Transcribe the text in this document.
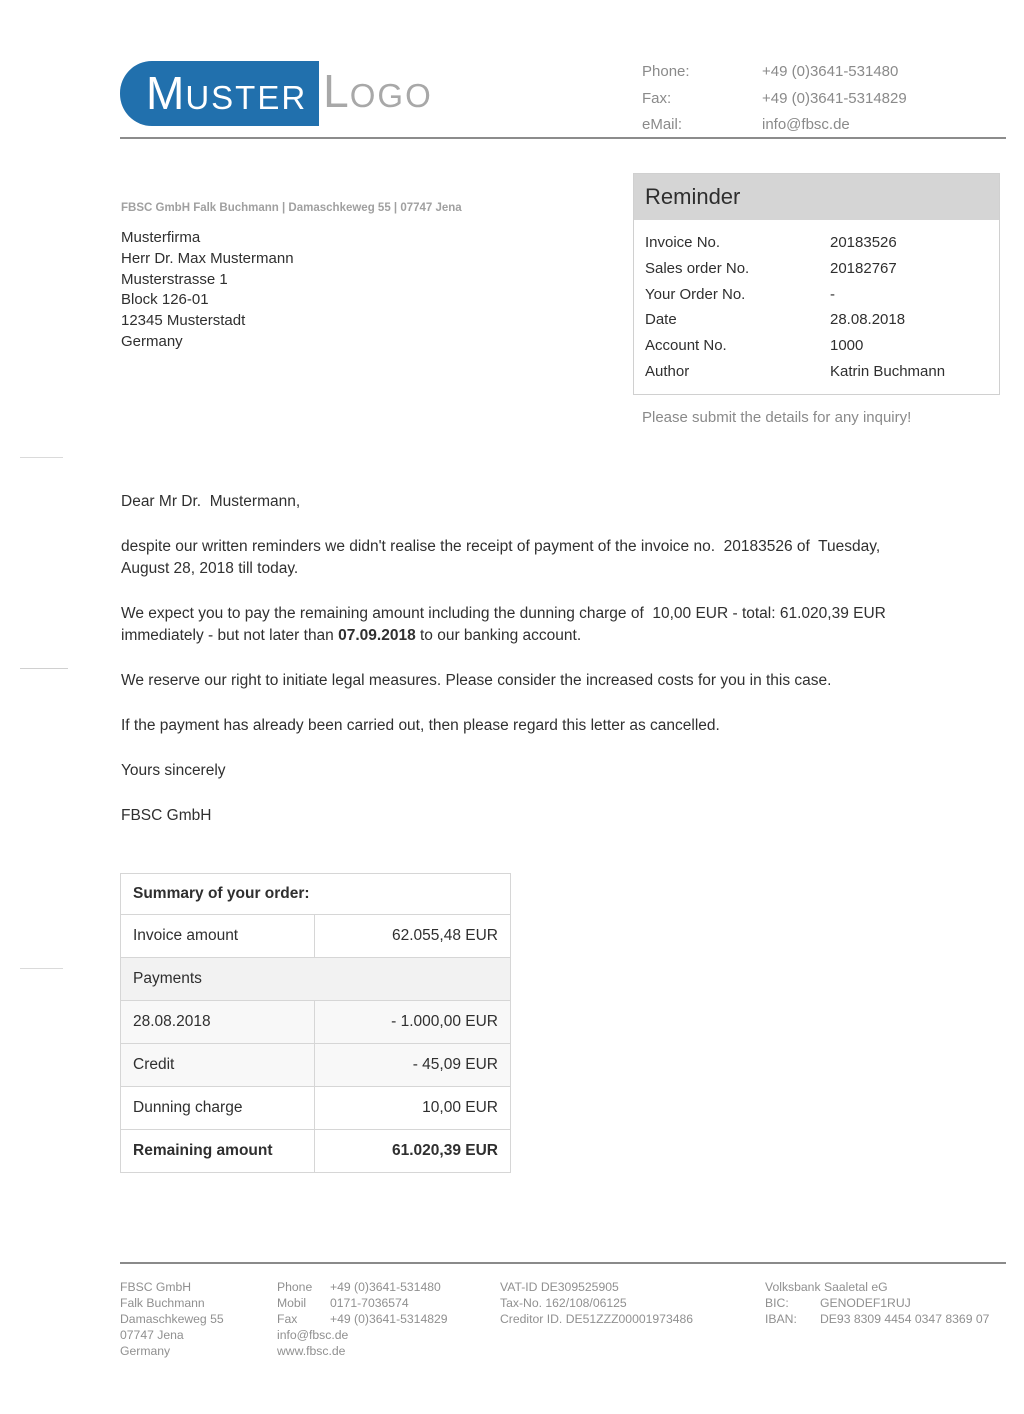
M USTER L OGO
Phone:	+49 (0)3641-531480
Fax:	+49 (0)3641-5314829
eMail:	info@fbsc.de
FBSC GmbH Falk Buchmann | Damaschkeweg 55 | 07747 Jena
Musterfirma
Herr Dr. Max Mustermann
Musterstrasse 1
Block 126-01
12345 Musterstadt
Germany
Reminder
Invoice No.	20183526
Sales order No.	20182767
Your Order No.	-
Date	28.08.2018
Account No.	1000
Author	Katrin Buchmann
Please submit the details for any inquiry!

Dear Mr Dr.  Mustermann,

despite our written reminders we didn't realise the receipt of payment of the invoice no.  20183526 of  Tuesday,
August 28, 2018 till today.

We expect you to pay the remaining amount including the dunning charge of  10,00 EUR - total: 61.020,39 EUR
immediately - but not later than 07.09.2018 to our banking account.

We reserve our right to initiate legal measures. Please consider the increased costs for you in this case.

If the payment has already been carried out, then please regard this letter as cancelled.

Yours sincerely

FBSC GmbH

Summary of your order:
Invoice amount	62.055,48 EUR
Payments
28.08.2018	- 1.000,00 EUR
Credit	- 45,09 EUR
Dunning charge	10,00 EUR
Remaining amount	61.020,39 EUR
FBSC GmbH
Falk Buchmann
Damaschkeweg 55
07747 Jena
Germany
Phone	+49 (0)3641-531480
Mobil	0171-7036574
Fax	+49 (0)3641-5314829
info@fbsc.de
www.fbsc.de
VAT-ID DE309525905
Tax-No. 162/108/06125
Creditor ID. DE51ZZZ00001973486
Volksbank Saaletal eG
BIC:	GENODEF1RUJ
IBAN:	DE93 8309 4454 0347 8369 07
